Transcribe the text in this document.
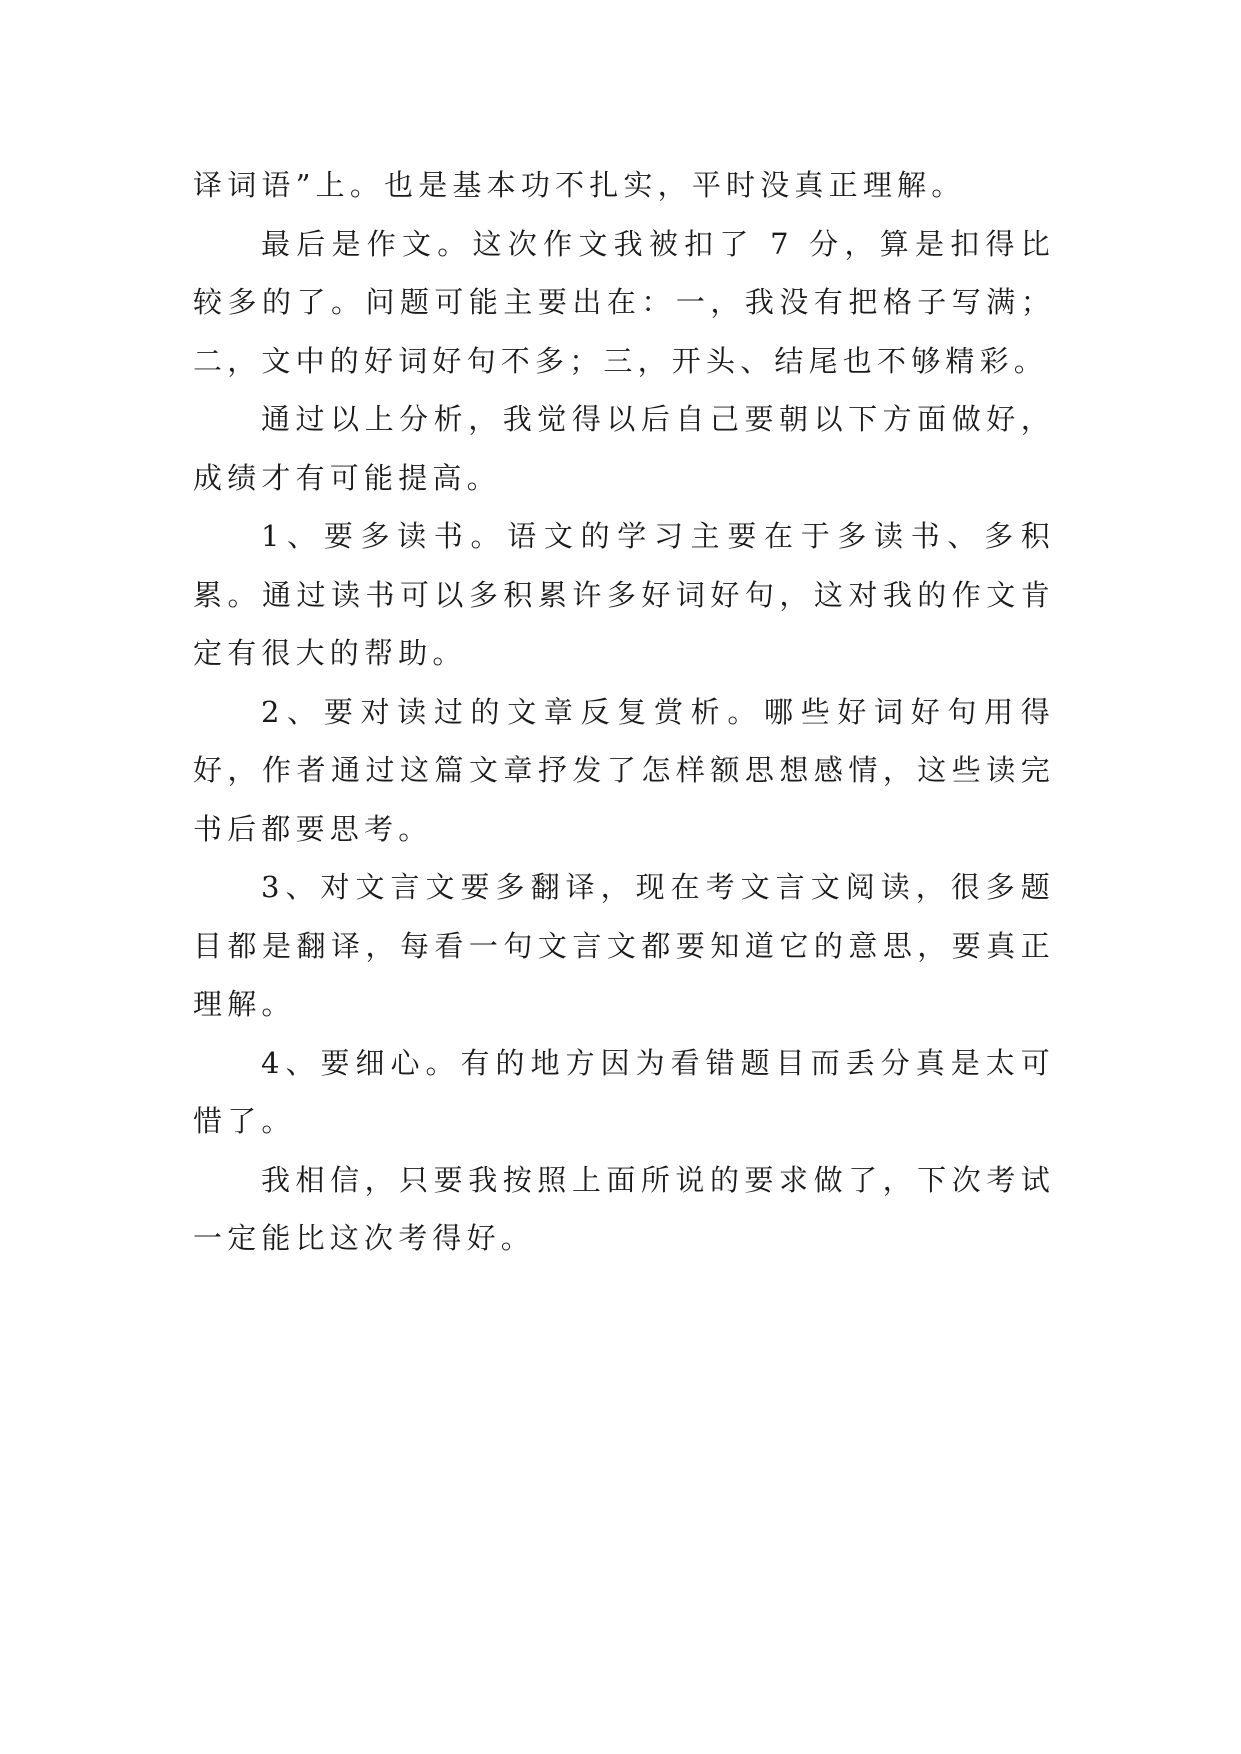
译词语”上。也是基本功不扎实，平时没真正理解。

最后是作文。这次作文我被扣了 7 分，算是扣得比较多的了。问题可能主要出在：一，我没有把格子写满；二，文中的好词好句不多；三，开头、结尾也不够精彩。

通过以上分析，我觉得以后自己要朝以下方面做好，成绩才有可能提高。

1、要多读书。语文的学习主要在于多读书、多积累。通过读书可以多积累许多好词好句，这对我的作文肯定有很大的帮助。

2、要对读过的文章反复赏析。哪些好词好句用得好，作者通过这篇文章抒发了怎样额思想感情，这些读完书后都要思考。

3、对文言文要多翻译，现在考文言文阅读，很多题目都是翻译，每看一句文言文都要知道它的意思，要真正理解。

4、要细心。有的地方因为看错题目而丢分真是太可惜了。

我相信，只要我按照上面所说的要求做了，下次考试一定能比这次考得好。
